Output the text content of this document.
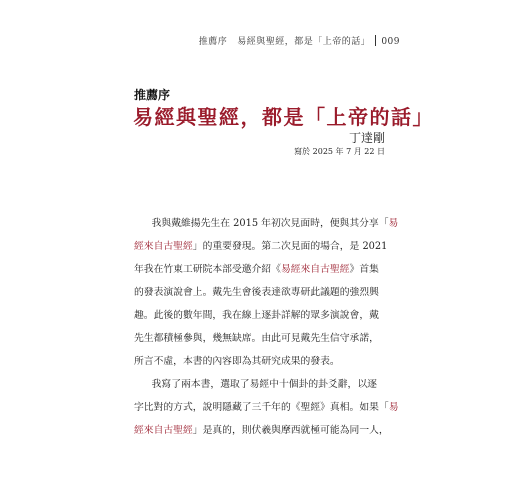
推薦序 易經與聖經，都是「上帝的話」 009
推薦序
易經與聖經，都是「上帝的話」
丁達剛
寫於 2025 年 7 月 22 日
我與戴維揚先生在 2015 年初次見面時，便與其分享「易
經來自古聖經」的重要發現。第二次見面的場合，是 2021
年我在竹東工研院本部受邀介紹《易經來自古聖經》首集
的發表演說會上。戴先生會後表達欲專研此議題的強烈興
趣。此後的數年間，我在線上逐卦詳解的眾多演說會，戴
先生都積極參與，幾無缺席。由此可見戴先生信守承諾，
所言不虛，本書的內容即為其研究成果的發表。
我寫了兩本書，選取了易經中十個卦的卦爻辭，以逐
字比對的方式，說明隱藏了三千年的《聖經》真相。如果「易
經來自古聖經」是真的，則伏羲與摩西就極可能為同一人，
